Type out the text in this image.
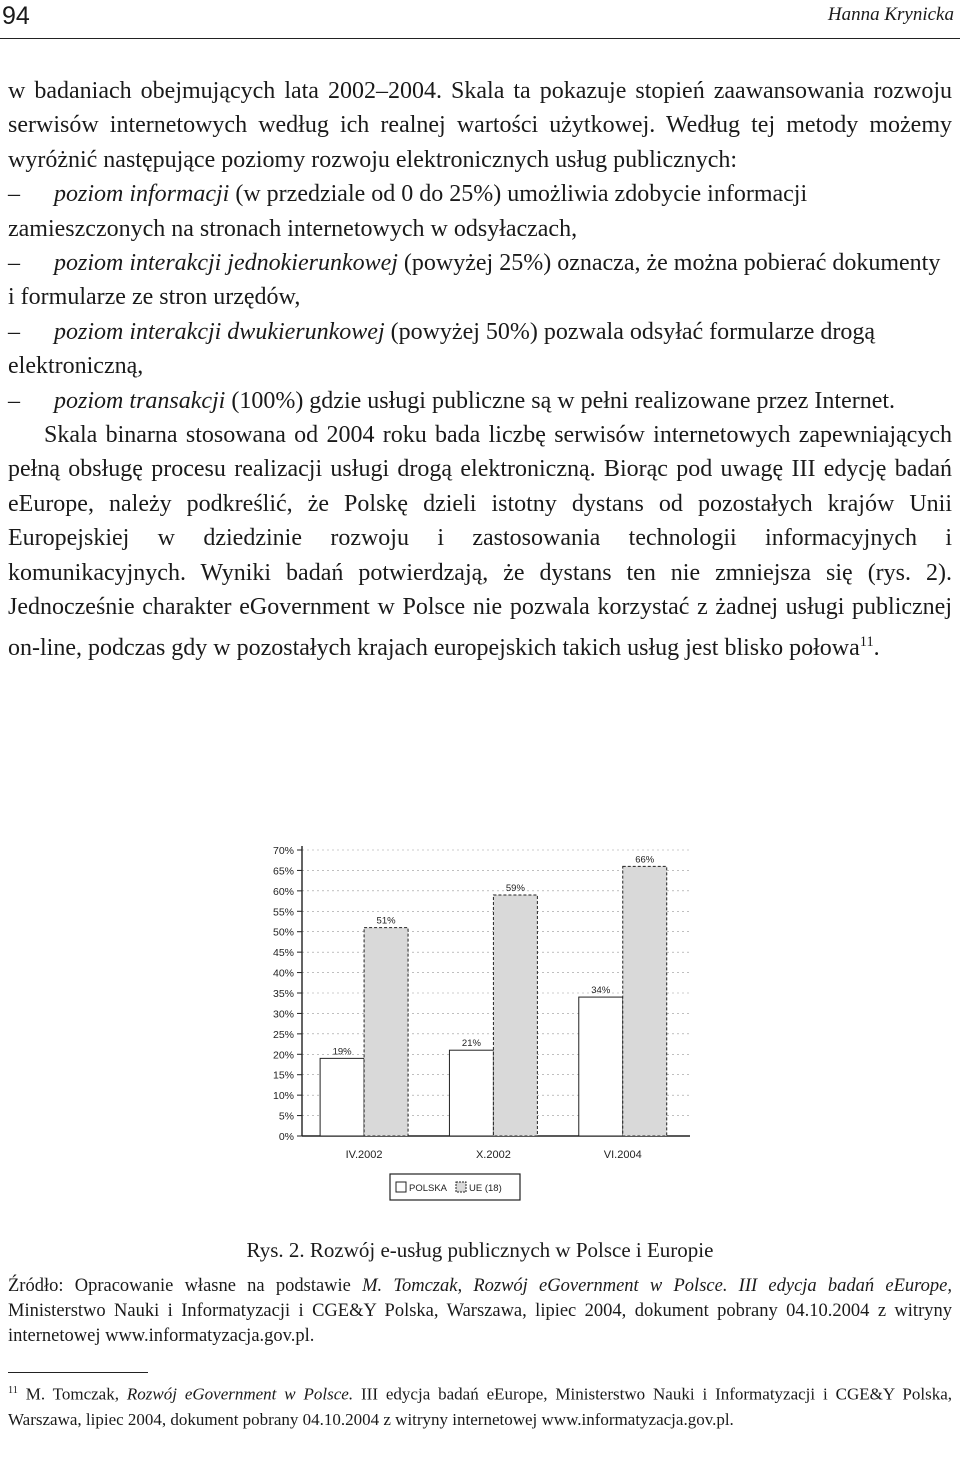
94	Hanna Krynicka

w badaniach obejmujących lata 2002–2004. Skala ta pokazuje stopień zaawansowania rozwoju serwisów internetowych według ich realnej wartości użytkowej. Według tej metody możemy wyróżnić następujące poziomy rozwoju elektronicznych usług publicznych:

– poziom informacji (w przedziale od 0 do 25%) umożliwia zdobycie informacji zamieszczonych na stronach internetowych w odsyłaczach,
– poziom interakcji jednokierunkowej (powyżej 25%) oznacza, że można pobierać dokumenty i formularze ze stron urzędów,
– poziom interakcji dwukierunkowej (powyżej 50%) pozwala odsyłać formularze drogą elektroniczną,
– poziom transakcji (100%) gdzie usługi publiczne są w pełni realizowane przez Internet.

Skala binarna stosowana od 2004 roku bada liczbę serwisów internetowych zapewniających pełną obsługę procesu realizacji usługi drogą elektroniczną. Biorąc pod uwagę III edycję badań eEurope, należy podkreślić, że Polskę dzieli istotny dystans od pozostałych krajów Unii Europejskiej w dziedzinie rozwoju i zastosowania technologii informacyjnych i komunikacyjnych. Wyniki badań potwierdzają, że dystans ten nie zmniejsza się (rys. 2). Jednocześnie charakter eGovernment w Polsce nie pozwala korzystać z żadnej usługi publicznej on-line, podczas gdy w pozostałych krajach europejskich takich usług jest blisko połowa$^{11}$.

0%
5%
10%
15%
20%
25%
30%
35%
40%
45%
50%
55%
60%
65%
70%
19%
51%
IV.2002
21%
59%
X.2002
34%
66%
VI.2004
POLSKA UE (18)
Rys. 2. Rozwój e-usług publicznych w Polsce i Europie
Źródło: Opracowanie własne na podstawie M. Tomczak, Rozwój eGovernment w Polsce. III edycja badań eEurope, Ministerstwo Nauki i Informatyzacji i CGE&Y Polska, Warszawa, lipiec 2004, dokument pobrany 04.10.2004 z witryny internetowej www.informatyzacja.gov.pl.
$^{11}$ M. Tomczak, Rozwój eGovernment w Polsce. III edycja badań eEurope, Ministerstwo Nauki i Informatyzacji i CGE&Y Polska, Warszawa, lipiec 2004, dokument pobrany 04.10.2004 z witryny internetowej www.informatyzacja.gov.pl.
